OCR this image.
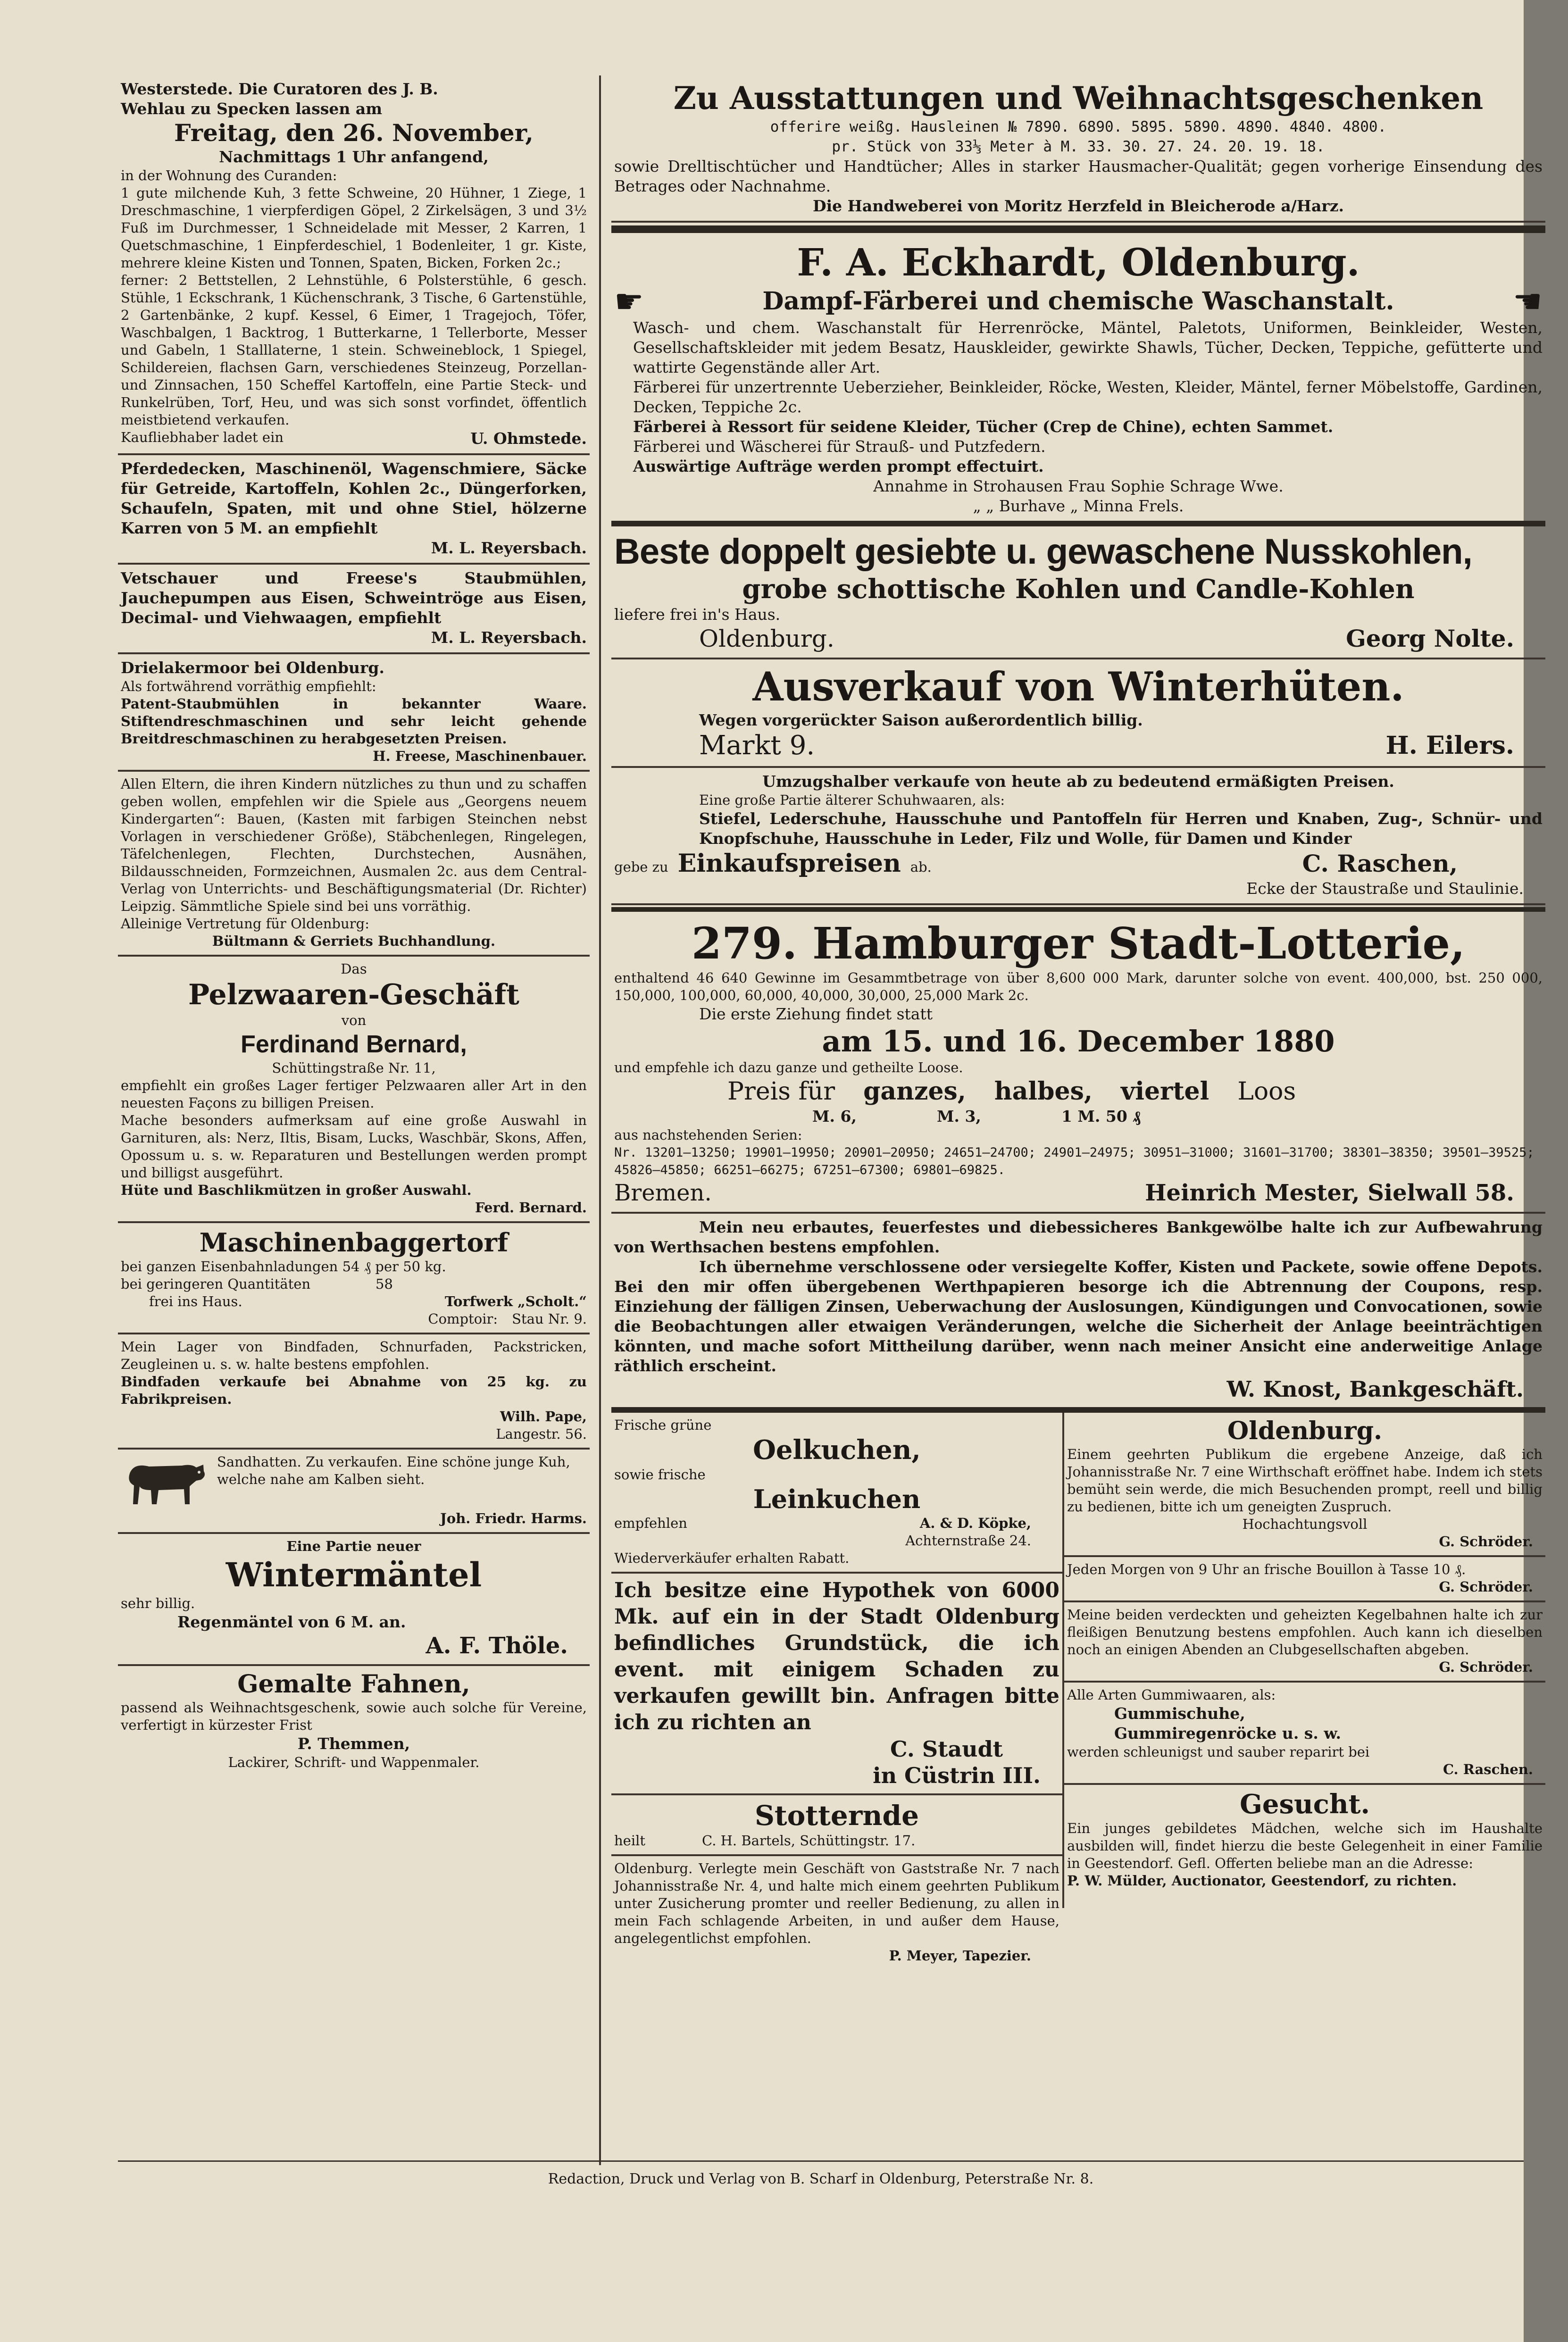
Westerstede. Die Curatoren des J. B.

Wehlau zu Specken lassen am

Freitag, den 26. November,

Nachmittags 1 Uhr anfangend,

in der Wohnung des Curanden:

1 gute milchende Kuh, 3 fette Schweine, 20 Hühner, 1 Ziege, 1 Dreschmaschine, 1 vierpferdigen Göpel, 2 Zirkelsägen, 3 und 3½ Fuß im Durchmesser, 1 Schneidelade mit Messer, 2 Karren, 1 Quetschmaschine, 1 Einpferdeschiel, 1 Bodenleiter, 1 gr. Kiste, mehrere kleine Kisten und Tonnen, Spaten, Bicken, Forken 2c.;

ferner: 2 Bettstellen, 2 Lehnstühle, 6 Polsterstühle, 6 gesch. Stühle, 1 Eckschrank, 1 Küchenschrank, 3 Tische, 6 Gartenstühle, 2 Gartenbänke, 2 kupf. Kessel, 6 Eimer, 1 Tragejoch, Töfer, Waschbalgen, 1 Backtrog, 1 Butterkarne, 1 Tellerborte, Messer und Gabeln, 1 Stalllaterne, 1 stein. Schweineblock, 1 Spiegel, Schildereien, flachsen Garn, verschiedenes Steinzeug, Porzellan- und Zinnsachen, 150 Scheffel Kartoffeln, eine Partie Steck- und Runkelrüben, Torf, Heu, und was sich sonst vorfindet, öffentlich meistbietend verkaufen.

Kaufliebhaber ladet ein	U. Ohmstede.

Pferdedecken, Maschinenöl, Wagenschmiere, Säcke für Getreide, Kartoffeln, Kohlen 2c., Düngerforken, Schaufeln, Spaten, mit und ohne Stiel, hölzerne Karren von 5 M. an empfiehlt

M. L. Reyersbach.

Vetschauer und Freese's Staubmühlen, Jauchepumpen aus Eisen, Schweintröge aus Eisen, Decimal- und Viehwaagen, empfiehlt

M. L. Reyersbach.

Drielakermoor bei Oldenburg.

Als fortwährend vorräthig empfiehlt:

Patent-Staubmühlen in bekannter Waare. Stiftendreschmaschinen und sehr leicht gehende Breitdreschmaschinen zu herabgesetzten Preisen.

H. Freese, Maschinenbauer.

Allen Eltern, die ihren Kindern nützliches zu thun und zu schaffen geben wollen, empfehlen wir die Spiele aus „Georgens neuem Kindergarten“: Bauen, (Kasten mit farbigen Steinchen nebst Vorlagen in verschiedener Größe), Stäbchenlegen, Ringelegen, Täfelchenlegen, Flechten, Durchstechen, Ausnähen, Bildausschneiden, Formzeichnen, Ausmalen 2c. aus dem Central-Verlag von Unterrichts- und Beschäftigungsmaterial (Dr. Richter) Leipzig. Sämmtliche Spiele sind bei uns vorräthig.

Alleinige Vertretung für Oldenburg:

Bültmann & Gerriets Buchhandlung.

Das

Pelzwaaren-Geschäft

von

Ferdinand Bernard,

Schüttingstraße Nr. 11,

empfiehlt ein großes Lager fertiger Pelzwaaren aller Art in den neuesten Façons zu billigen Preisen.

Mache besonders aufmerksam auf eine große Auswahl in Garnituren, als: Nerz, Iltis, Bisam, Lucks, Waschbär, Skons, Affen, Opossum u. s. w. Reparaturen und Bestellungen werden prompt und billigst ausgeführt.

Hüte und Baschlikmützen in großer Auswahl.

Ferd. Bernard.

Maschinenbaggertorf

bei ganzen Eisenbahnladungen 54 ₰ per 50 kg.

bei geringeren Quantitäten	58

frei ins Haus.	Torfwerk „Scholt.“

Comptoir: Stau Nr. 9.

Mein Lager von Bindfaden, Schnurfaden, Packstricken, Zeugleinen u. s. w. halte bestens empfohlen.

Bindfaden verkaufe bei Abnahme von 25 kg. zu Fabrikpreisen.

Wilh. Pape,

Langestr. 56.

Sandhatten. Zu verkaufen. Eine schöne junge Kuh, welche nahe am Kalben sieht.

Joh. Friedr. Harms.

Eine Partie neuer

Wintermäntel

sehr billig.

Regenmäntel von 6 M. an.

A. F. Thöle.

Gemalte Fahnen,

passend als Weihnachtsgeschenk, sowie auch solche für Vereine, verfertigt in kürzester Frist

P. Themmen,

Lackirer, Schrift- und Wappenmaler.

Zu Ausstattungen und Weihnachtsgeschenken

offerire weißg. Hausleinen № 7890. 6890. 5895. 5890. 4890. 4840. 4800.

pr. Stück von 33⅓ Meter à M. 33. 30. 27. 24. 20. 19. 18.

sowie Drelltischtücher und Handtücher; Alles in starker Hausmacher-Qualität; gegen vorherige Einsendung des Betrages oder Nachnahme.

Die Handweberei von Moritz Herzfeld in Bleicherode a/Harz.

F. A. Eckhardt, Oldenburg.

☛	Dampf-Färberei und chemische Waschanstalt.	☛

Wasch- und chem. Waschanstalt für Herrenröcke, Mäntel, Paletots, Uniformen, Beinkleider, Westen, Gesellschaftskleider mit jedem Besatz, Hauskleider, gewirkte Shawls, Tücher, Decken, Teppiche, gefütterte und wattirte Gegenstände aller Art.

Färberei für unzertrennte Ueberzieher, Beinkleider, Röcke, Westen, Kleider, Mäntel, ferner Möbelstoffe, Gardinen, Decken, Teppiche 2c.

Färberei à Ressort für seidene Kleider, Tücher (Crep de Chine), echten Sammet.

Färberei und Wäscherei für Strauß- und Putzfedern.

Auswärtige Aufträge werden prompt effectuirt.

Annahme in Strohausen Frau Sophie Schrage Wwe.

„ „ Burhave „ Minna Frels.

Beste doppelt gesiebte u. gewaschene Nusskohlen,

grobe schottische Kohlen und Candle-Kohlen

liefere frei in's Haus.

Oldenburg.	Georg Nolte.

Ausverkauf von Winterhüten.

Wegen vorgerückter Saison außerordentlich billig.

Markt 9.	H. Eilers.

Umzugshalber verkaufe von heute ab zu bedeutend ermäßigten Preisen.

Eine große Partie älterer Schuhwaaren, als:

Stiefel, Lederschuhe, Hausschuhe und Pantoffeln für Herren und Knaben, Zug-, Schnür- und Knopfschuhe, Hausschuhe in Leder, Filz und Wolle, für Damen und Kinder

gebe zu Einkaufspreisen ab.	C. Raschen,

Ecke der Staustraße und Staulinie.

279. Hamburger Stadt-Lotterie,

enthaltend 46 640 Gewinne im Gesammtbetrage von über 8,600 000 Mark, darunter solche von event. 400,000, bst. 250 000, 150,000, 100,000, 60,000, 40,000, 30,000, 25,000 Mark 2c.

Die erste Ziehung findet statt

am 15. und 16. December 1880

und empfehle ich dazu ganze und getheilte Loose.

Preis für ganzes, halbes, viertel Loos

M. 6,	M. 3,	1 M. 50 ₰

aus nachstehenden Serien:

Nr. 13201—13250; 19901—19950; 20901—20950; 24651—24700; 24901—24975; 30951—31000; 31601—31700; 38301—38350; 39501—39525; 45826—45850; 66251—66275; 67251—67300; 69801—69825.

Bremen.	Heinrich Mester, Sielwall 58.

Mein neu erbautes, feuerfestes und diebessicheres Bankgewölbe halte ich zur Aufbewahrung von Werthsachen bestens empfohlen.

Ich übernehme verschlossene oder versiegelte Koffer, Kisten und Packete, sowie offene Depots. Bei den mir offen übergebenen Werthpapieren besorge ich die Abtrennung der Coupons, resp. Einziehung der fälligen Zinsen, Ueberwachung der Auslosungen, Kündigungen und Convocationen, sowie die Beobachtungen aller etwaigen Veränderungen, welche die Sicherheit der Anlage beeinträchtigen könnten, und mache sofort Mittheilung darüber, wenn nach meiner Ansicht eine anderweitige Anlage räthlich erscheint.

W. Knost, Bankgeschäft.

Frische grüne

Oelkuchen,

sowie frische

Leinkuchen

empfehlen	A. & D. Köpke,

Achternstraße 24.

Wiederverkäufer erhalten Rabatt.

Ich besitze eine Hypothek von 6000 Mk. auf ein in der Stadt Oldenburg befindliches Grundstück, die ich event. mit einigem Schaden zu verkaufen gewillt bin. Anfragen bitte ich zu richten an

C. Staudt

in Cüstrin III.

Stotternde

heilt	C. H. Bartels, Schüttingstr. 17.

Oldenburg. Verlegte mein Geschäft von Gaststraße Nr. 7 nach Johannisstraße Nr. 4, und halte mich einem geehrten Publikum unter Zusicherung promter und reeller Bedienung, zu allen in mein Fach schlagende Arbeiten, in und außer dem Hause, angelegentlichst empfohlen.

P. Meyer, Tapezier.

Oldenburg.

Einem geehrten Publikum die ergebene Anzeige, daß ich Johannisstraße Nr. 7 eine Wirthschaft eröffnet habe. Indem ich stets bemüht sein werde, die mich Besuchenden prompt, reell und billig zu bedienen, bitte ich um geneigten Zuspruch.

Hochachtungsvoll

G. Schröder.

Jeden Morgen von 9 Uhr an frische Bouillon à Tasse 10 ₰.

G. Schröder.

Meine beiden verdeckten und geheizten Kegelbahnen halte ich zur fleißigen Benutzung bestens empfohlen. Auch kann ich dieselben noch an einigen Abenden an Clubgesellschaften abgeben.

G. Schröder.

Alle Arten Gummiwaaren, als:

Gummischuhe,

Gummiregenröcke u. s. w.

werden schleunigst und sauber reparirt bei

C. Raschen.

Gesucht.

Ein junges gebildetes Mädchen, welche sich im Haushalte ausbilden will, findet hierzu die beste Gelegenheit in einer Familie in Geestendorf. Gefl. Offerten beliebe man an die Adresse:

P. W. Mülder, Auctionator, Geestendorf, zu richten.

Redaction, Druck und Verlag von B. Scharf in Oldenburg, Peterstraße Nr. 8.
